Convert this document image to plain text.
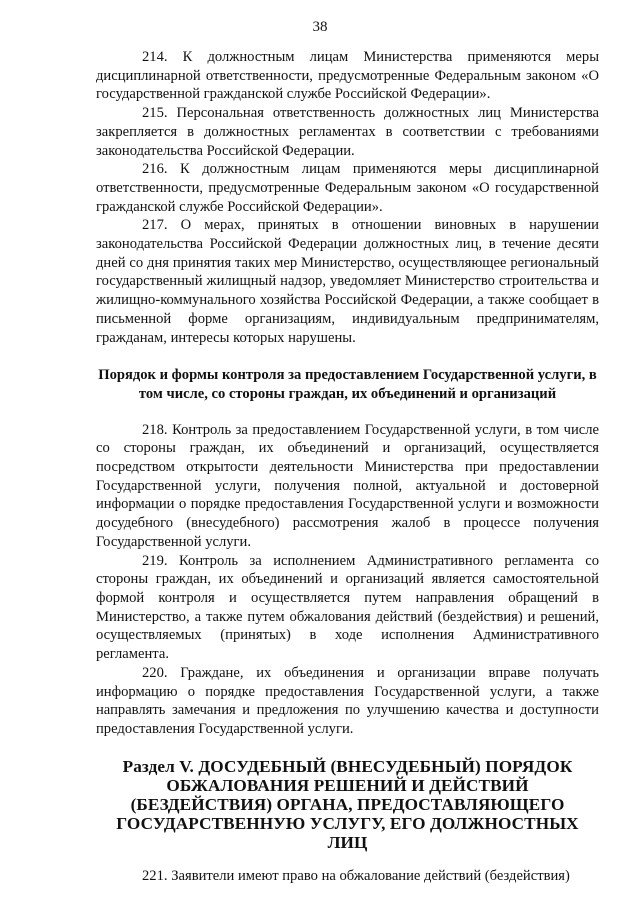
38

214. К должностным лицам Министерства применяются меры дисциплинарной ответственности, предусмотренные Федеральным законом «О государственной гражданской службе Российской Федерации».

215. Персональная ответственность должностных лиц Министерства закрепляется в должностных регламентах в соответствии с требованиями законодательства Российской Федерации.

216. К должностным лицам применяются меры дисциплинарной ответственности, предусмотренные Федеральным законом «О государственной гражданской службе Российской Федерации».

217. О мерах, принятых в отношении виновных в нарушении законодательства Российской Федерации должностных лиц, в течение десяти дней со дня принятия таких мер Министерство, осуществляющее региональный государственный жилищный надзор, уведомляет Министерство строительства и жилищно-коммунального хозяйства Российской Федерации, а также сообщает в письменной форме организациям, индивидуальным предпринимателям, гражданам, интересы которых нарушены.

Порядок и формы контроля за предоставлением Государственной услуги, в том числе, со стороны граждан, их объединений и организаций

218. Контроль за предоставлением Государственной услуги, в том числе со стороны граждан, их объединений и организаций, осуществляется посредством открытости деятельности Министерства при предоставлении Государственной услуги, получения полной, актуальной и достоверной информации о порядке предоставления Государственной услуги и возможности досудебного (внесудебного) рассмотрения жалоб в процессе получения Государственной услуги.

219. Контроль за исполнением Административного регламента со стороны граждан, их объединений и организаций является самостоятельной формой контроля и осуществляется путем направления обращений в Министерство, а также путем обжалования действий (бездействия) и решений, осуществляемых (принятых) в ходе исполнения Административного регламента.

220. Граждане, их объединения и организации вправе получать информацию о порядке предоставления Государственной услуги, а также направлять замечания и предложения по улучшению качества и доступности предоставления Государственной услуги.

Раздел V. ДОСУДЕБНЫЙ (ВНЕСУДЕБНЫЙ) ПОРЯДОК ОБЖАЛОВАНИЯ РЕШЕНИЙ И ДЕЙСТВИЙ (БЕЗДЕЙСТВИЯ) ОРГАНА, ПРЕДОСТАВЛЯЮЩЕГО ГОСУДАРСТВЕННУЮ УСЛУГУ, ЕГО ДОЛЖНОСТНЫХ ЛИЦ

221. Заявители имеют право на обжалование действий (бездействия)
